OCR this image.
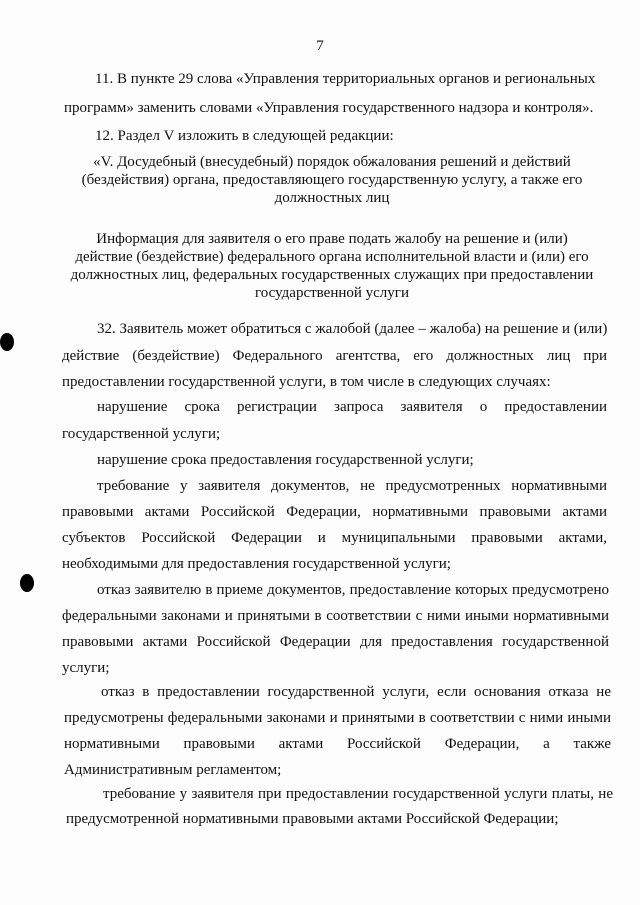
7
11. В пункте 29 слова «Управления территориальных органов и региональных
программ» заменить словами «Управления государственного надзора и контроля».
12. Раздел V изложить в следующей редакции:
«V. Досудебный (внесудебный) порядок обжалования решений и действий
(бездействия) органа, предоставляющего государственную услугу, а также его
должностных лиц
Информация для заявителя о его праве подать жалобу на решение и (или)
действие (бездействие) федерального органа исполнительной власти и (или) его
должностных лиц, федеральных государственных служащих при предоставлении
государственной услуги
32. Заявитель может обратиться с жалобой (далее – жалоба) на решение и (или)
действие (бездействие) Федерального агентства, его должностных лиц при
предоставлении государственной услуги, в том числе в следующих случаях:
нарушение срока регистрации запроса заявителя о предоставлении
государственной услуги;
нарушение срока предоставления государственной услуги;
требование у заявителя документов, не предусмотренных нормативными
правовыми актами Российской Федерации, нормативными правовыми актами
субъектов Российской Федерации и муниципальными правовыми актами,
необходимыми для предоставления государственной услуги;
отказ заявителю в приеме документов, предоставление которых предусмотрено
федеральными законами и принятыми в соответствии с ними иными нормативными
правовыми актами Российской Федерации для предоставления государственной
услуги;
отказ в предоставлении государственной услуги, если основания отказа не
предусмотрены федеральными законами и принятыми в соответствии с ними иными
нормативными правовыми актами Российской Федерации, а также
Административным регламентом;
требование у заявителя при предоставлении государственной услуги платы, не
предусмотренной нормативными правовыми актами Российской Федерации;
